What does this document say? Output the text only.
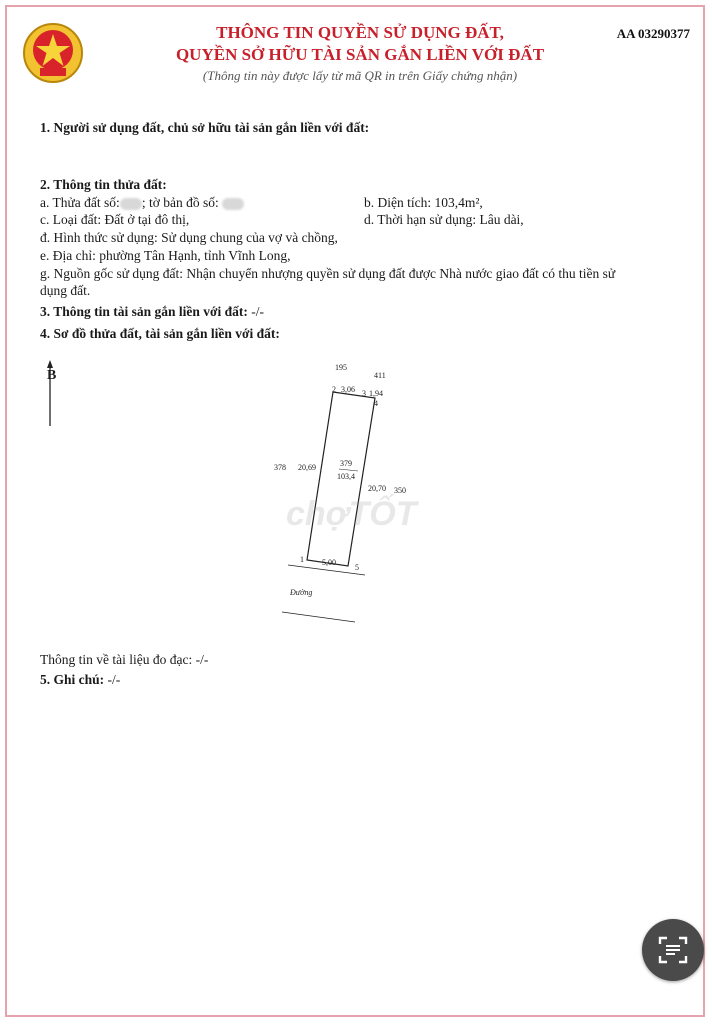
THÔNG TIN QUYỀN SỬ DỤNG ĐẤT,
QUYỀN SỞ HỮU TÀI SẢN GẮN LIỀN VỚI ĐẤT
(Thông tin này được lấy từ mã QR in trên Giấy chứng nhận)
AA 03290377
1. Người sử dụng đất, chủ sở hữu tài sản gắn liền với đất:
2. Thông tin thửa đất:
a. Thửa đất số: ; tờ bản đồ số:	b. Diện tích: 103,4m²,
c. Loại đất: Đất ở tại đô thị,	d. Thời hạn sử dụng: Lâu dài,
đ. Hình thức sử dụng: Sử dụng chung của vợ và chồng,
e. Địa chỉ: phường Tân Hạnh, tỉnh Vĩnh Long,
g. Nguồn gốc sử dụng đất: Nhận chuyển nhượng quyền sử dụng đất được Nhà nước giao đất có thu tiền sử
dụng đất.
3. Thông tin tài sản gắn liền với đất: -/-
4. Sơ đồ thửa đất, tài sản gắn liền với đất:
B
195
411
378
350
379
103,4
20,69
20,70
3,06 1,94
5,00
1
2	3
4
5
Đường
chợTỐT
Thông tin về tài liệu đo đạc: -/-
5. Ghi chú: -/-
